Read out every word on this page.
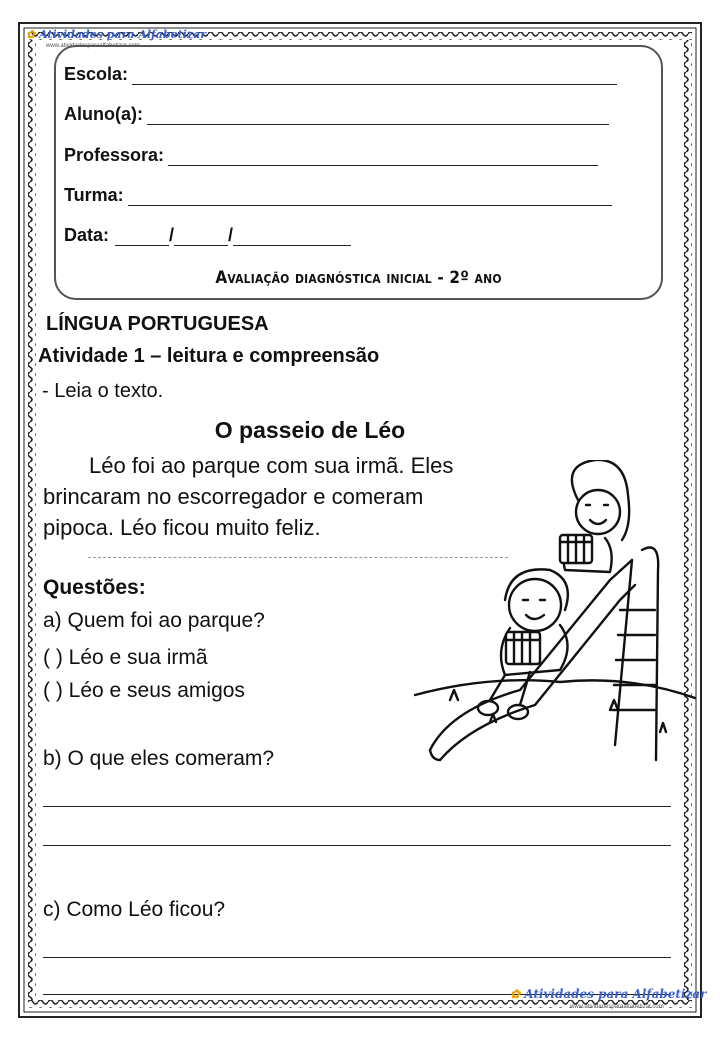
✿ Atividades para Alfabetizar
www.atividadesparaalfabetizar.com
Escola:
Aluno(a):
Professora:
Turma:
Data:	/	/
Avaliação diagnóstica inicial - 2º ano
LÍNGUA PORTUGUESA
Atividade 1 – leitura e compreensão
- Leia o texto.
O passeio de Léo
Léo foi ao parque com sua irmã. Eles
brincaram no escorregador e comeram
pipoca. Léo ficou muito feliz.
Questões:
a) Quem foi ao parque?
( ) Léo e sua irmã
( ) Léo e seus amigos
b) O que eles comeram?
c) Como Léo ficou?
✿ Atividades para Alfabetizar
www.atividadesparaalfabetizar.com
